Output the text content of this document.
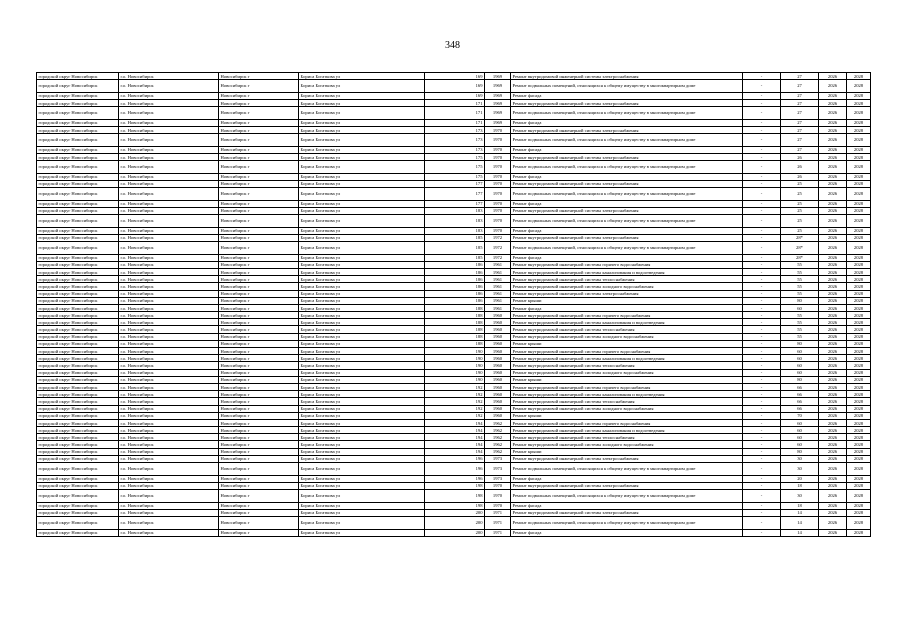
348
городской округ Новосибирск	г.о. Новосибирск	Новосибирск г	Бориса Богаткова ул	169	1969	Ремонт внутридомовой инженерной системы электроснабжения	-	27	2026	2028
городской округ Новосибирск	г.о. Новосибирск	Новосибирск г	Бориса Богаткова ул	169	1969	Ремонт подвальных помещений, относящихся к общему имуществу в многоквартирном доме	-	27	2026	2028
городской округ Новосибирск	г.о. Новосибирск	Новосибирск г	Бориса Богаткова ул	169	1969	Ремонт фасада	-	27	2026	2028
городской округ Новосибирск	г.о. Новосибирск	Новосибирск г	Бориса Богаткова ул	171	1969	Ремонт внутридомовой инженерной системы электроснабжения	-	27	2026	2028
городской округ Новосибирск	г.о. Новосибирск	Новосибирск г	Бориса Богаткова ул	171	1969	Ремонт подвальных помещений, относящихся к общему имуществу в многоквартирном доме	-	27	2026	2028
городской округ Новосибирск	г.о. Новосибирск	Новосибирск г	Бориса Богаткова ул	171	1969	Ремонт фасада	-	27	2026	2028
городской округ Новосибирск	г.о. Новосибирск	Новосибирск г	Бориса Богаткова ул	173	1970	Ремонт внутридомовой инженерной системы электроснабжения	-	27	2026	2028
городской округ Новосибирск	г.о. Новосибирск	Новосибирск г	Бориса Богаткова ул	173	1970	Ремонт подвальных помещений, относящихся к общему имуществу в многоквартирном доме	-	27	2026	2028
городской округ Новосибирск	г.о. Новосибирск	Новосибирск г	Бориса Богаткова ул	173	1970	Ремонт фасада	-	27	2026	2028
городской округ Новосибирск	г.о. Новосибирск	Новосибирск г	Бориса Богаткова ул	175	1970	Ремонт внутридомовой инженерной системы электроснабжения	-	26	2026	2028
городской округ Новосибирск	г.о. Новосибирск	Новосибирск г	Бориса Богаткова ул	175	1970	Ремонт подвальных помещений, относящихся к общему имуществу в многоквартирном доме	-	26	2026	2028
городской округ Новосибирск	г.о. Новосибирск	Новосибирск г	Бориса Богаткова ул	175	1970	Ремонт фасада	-	26	2026	2028
городской округ Новосибирск	г.о. Новосибирск	Новосибирск г	Бориса Богаткова ул	177	1970	Ремонт внутридомовой инженерной системы электроснабжения	-	25	2026	2028
городской округ Новосибирск	г.о. Новосибирск	Новосибирск г	Бориса Богаткова ул	177	1970	Ремонт подвальных помещений, относящихся к общему имуществу в многоквартирном доме	-	25	2026	2028
городской округ Новосибирск	г.о. Новосибирск	Новосибирск г	Бориса Богаткова ул	177	1970	Ремонт фасада	-	25	2026	2028
городской округ Новосибирск	г.о. Новосибирск	Новосибирск г	Бориса Богаткова ул	183	1970	Ремонт внутридомовой инженерной системы электроснабжения	-	25	2026	2028
городской округ Новосибирск	г.о. Новосибирск	Новосибирск г	Бориса Богаткова ул	183	1970	Ремонт подвальных помещений, относящихся к общему имуществу в многоквартирном доме	-	25	2026	2028
городской округ Новосибирск	г.о. Новосибирск	Новосибирск г	Бориса Богаткова ул	183	1970	Ремонт фасада	-	25	2026	2028
городской округ Новосибирск	г.о. Новосибирск	Новосибирск г	Бориса Богаткова ул	185	1972	Ремонт внутридомовой инженерной системы электроснабжения	-	28*	2026	2028
городской округ Новосибирск	г.о. Новосибирск	Новосибирск г	Бориса Богаткова ул	185	1972	Ремонт подвальных помещений, относящихся к общему имуществу в многоквартирном доме	-	28*	2026	2028
городской округ Новосибирск	г.о. Новосибирск	Новосибирск г	Бориса Богаткова ул	185	1972	Ремонт фасада	-	28*	2026	2028
городской округ Новосибирск	г.о. Новосибирск	Новосибирск г	Бориса Богаткова ул	186	1961	Ремонт внутридомовой инженерной системы горячего водоснабжения	-	55	2026	2028
городской округ Новосибирск	г.о. Новосибирск	Новосибирск г	Бориса Богаткова ул	186	1961	Ремонт внутридомовой инженерной системы канализования и водоотведения	-	55	2026	2028
городской округ Новосибирск	г.о. Новосибирск	Новосибирск г	Бориса Богаткова ул	186	1961	Ремонт внутридомовой инженерной системы теплоснабжения	-	55	2026	2028
городской округ Новосибирск	г.о. Новосибирск	Новосибирск г	Бориса Богаткова ул	186	1961	Ремонт внутридомовой инженерной системы холодного водоснабжения	-	55	2026	2028
городской округ Новосибирск	г.о. Новосибирск	Новосибирск г	Бориса Богаткова ул	186	1961	Ремонт внутридомовой инженерной системы электроснабжения	-	55	2026	2028
городской округ Новосибирск	г.о. Новосибирск	Новосибирск г	Бориса Богаткова ул	186	1961	Ремонт крыши	-	80	2026	2028
городской округ Новосибирск	г.о. Новосибирск	Новосибирск г	Бориса Богаткова ул	188	1961	Ремонт фасада	-	60	2026	2028
городской округ Новосибирск	г.о. Новосибирск	Новосибирск г	Бориса Богаткова ул	188	1960	Ремонт внутридомовой инженерной системы горячего водоснабжения	-	55	2026	2028
городской округ Новосибирск	г.о. Новосибирск	Новосибирск г	Бориса Богаткова ул	188	1960	Ремонт внутридомовой инженерной системы канализования и водоотведения	-	55	2026	2028
городской округ Новосибирск	г.о. Новосибирск	Новосибирск г	Бориса Богаткова ул	188	1960	Ремонт внутридомовой инженерной системы теплоснабжения	-	55	2026	2028
городской округ Новосибирск	г.о. Новосибирск	Новосибирск г	Бориса Богаткова ул	188	1960	Ремонт внутридомовой инженерной системы холодного водоснабжения	-	55	2026	2028
городской округ Новосибирск	г.о. Новосибирск	Новосибирск г	Бориса Богаткова ул	188	1960	Ремонт крыши	-	80	2026	2028
городской округ Новосибирск	г.о. Новосибирск	Новосибирск г	Бориса Богаткова ул	190	1960	Ремонт внутридомовой инженерной системы горячего водоснабжения	-	60	2026	2028
городской округ Новосибирск	г.о. Новосибирск	Новосибирск г	Бориса Богаткова ул	190	1960	Ремонт внутридомовой инженерной системы канализования и водоотведения	-	60	2026	2028
городской округ Новосибирск	г.о. Новосибирск	Новосибирск г	Бориса Богаткова ул	190	1960	Ремонт внутридомовой инженерной системы теплоснабжения	-	60	2026	2028
городской округ Новосибирск	г.о. Новосибирск	Новосибирск г	Бориса Богаткова ул	190	1960	Ремонт внутридомовой инженерной системы холодного водоснабжения	-	60	2026	2028
городской округ Новосибирск	г.о. Новосибирск	Новосибирск г	Бориса Богаткова ул	190	1960	Ремонт крыши	-	80	2026	2028
городской округ Новосибирск	г.о. Новосибирск	Новосибирск г	Бориса Богаткова ул	192	1960	Ремонт внутридомовой инженерной системы горячего водоснабжения	-	66	2026	2028
городской округ Новосибирск	г.о. Новосибирск	Новосибирск г	Бориса Богаткова ул	192	1960	Ремонт внутридомовой инженерной системы канализования и водоотведения	-	66	2026	2028
городской округ Новосибирск	г.о. Новосибирск	Новосибирск г	Бориса Богаткова ул	192	1960	Ремонт внутридомовой инженерной системы теплоснабжения	-	66	2026	2028
городской округ Новосибирск	г.о. Новосибирск	Новосибирск г	Бориса Богаткова ул	192	1960	Ремонт внутридомовой инженерной системы холодного водоснабжения	-	66	2026	2028
городской округ Новосибирск	г.о. Новосибирск	Новосибирск г	Бориса Богаткова ул	192	1960	Ремонт крыши	-	70	2026	2028
городской округ Новосибирск	г.о. Новосибирск	Новосибирск г	Бориса Богаткова ул	194	1962	Ремонт внутридомовой инженерной системы горячего водоснабжения	-	60	2026	2028
городской округ Новосибирск	г.о. Новосибирск	Новосибирск г	Бориса Богаткова ул	194	1962	Ремонт внутридомовой инженерной системы канализования и водоотведения	-	60	2026	2028
городской округ Новосибирск	г.о. Новосибирск	Новосибирск г	Бориса Богаткова ул	194	1962	Ремонт внутридомовой инженерной системы теплоснабжения	-	60	2026	2028
городской округ Новосибирск	г.о. Новосибирск	Новосибирск г	Бориса Богаткова ул	194	1962	Ремонт внутридомовой инженерной системы холодного водоснабжения	-	60	2026	2028
городской округ Новосибирск	г.о. Новосибирск	Новосибирск г	Бориса Богаткова ул	194	1962	Ремонт крыши	-	80	2026	2028
городской округ Новосибирск	г.о. Новосибирск	Новосибирск г	Бориса Богаткова ул	196	1973	Ремонт внутридомовой инженерной системы электроснабжения	-	30	2026	2028
городской округ Новосибирск	г.о. Новосибирск	Новосибирск г	Бориса Богаткова ул	196	1973	Ремонт подвальных помещений, относящихся к общему имуществу в многоквартирном доме	-	30	2026	2028
городской округ Новосибирск	г.о. Новосибирск	Новосибирск г	Бориса Богаткова ул	196	1973	Ремонт фасада	-	20	2026	2028
городской округ Новосибирск	г.о. Новосибирск	Новосибирск г	Бориса Богаткова ул	198	1970	Ремонт внутридомовой инженерной системы электроснабжения	-	18	2026	2028
городской округ Новосибирск	г.о. Новосибирск	Новосибирск г	Бориса Богаткова ул	198	1970	Ремонт подвальных помещений, относящихся к общему имуществу в многоквартирном доме	-	30	2026	2028
городской округ Новосибирск	г.о. Новосибирск	Новосибирск г	Бориса Богаткова ул	198	1970	Ремонт фасада	-	18	2026	2028
городской округ Новосибирск	г.о. Новосибирск	Новосибирск г	Бориса Богаткова ул	200	1971	Ремонт внутридомовой инженерной системы электроснабжения	-	14	2026	2028
городской округ Новосибирск	г.о. Новосибирск	Новосибирск г	Бориса Богаткова ул	200	1971	Ремонт подвальных помещений, относящихся к общему имуществу в многоквартирном доме	-	14	2026	2028
городской округ Новосибирск	г.о. Новосибирск	Новосибирск г	Бориса Богаткова ул	200	1971	Ремонт фасада	-	14	2026	2028
